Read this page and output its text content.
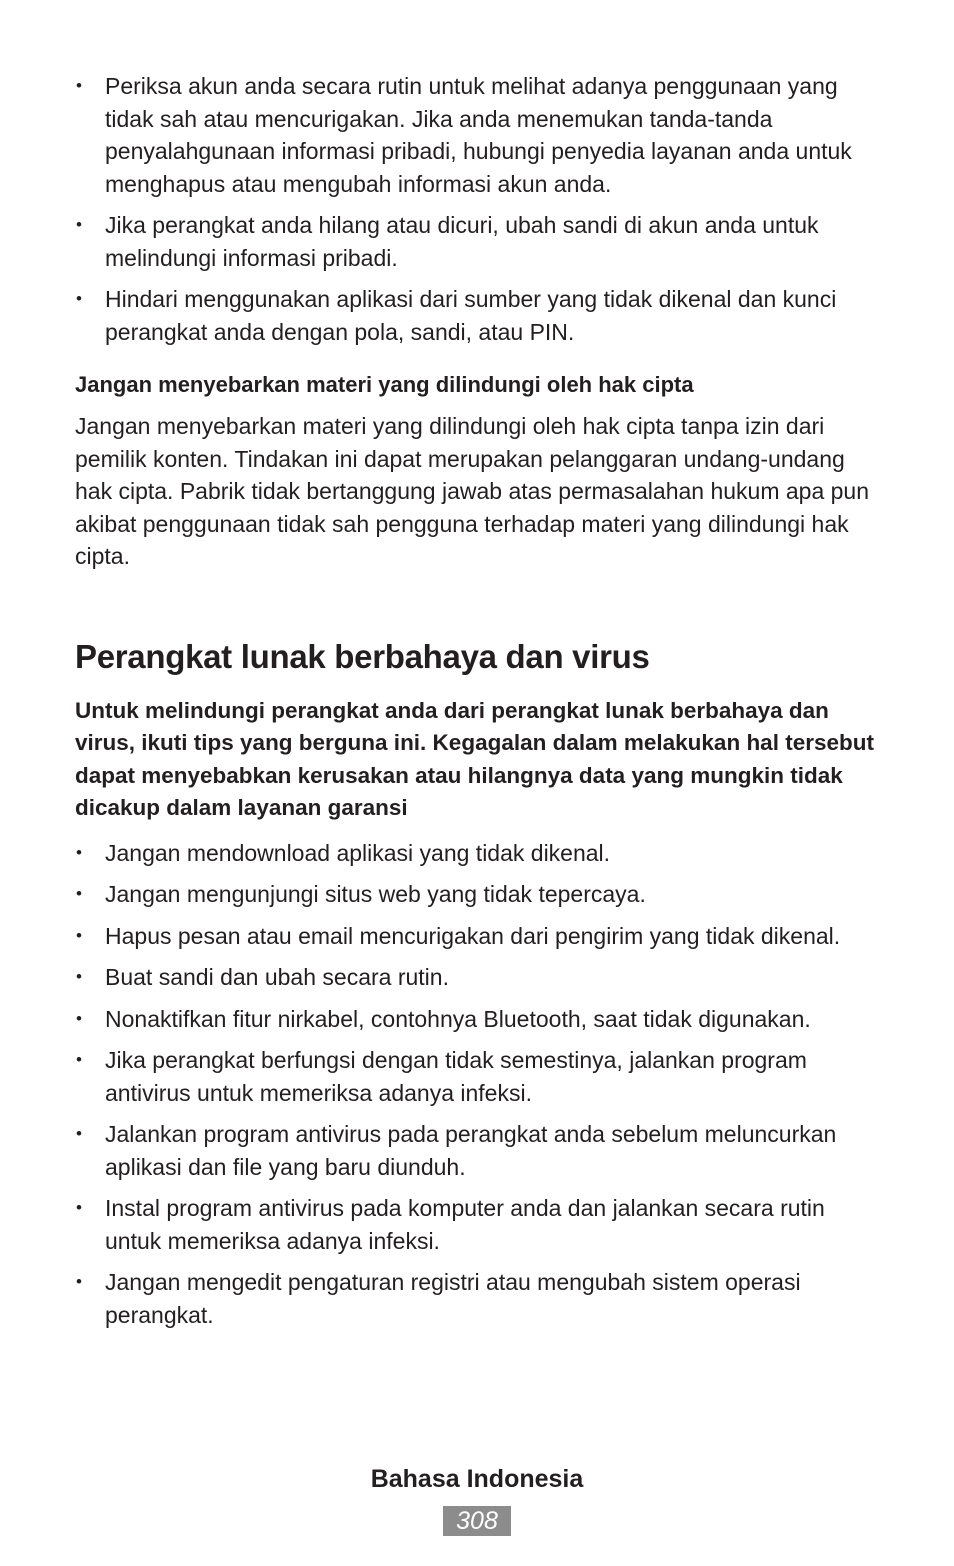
• Periksa akun anda secara rutin untuk melihat adanya penggunaan yang tidak sah atau mencurigakan. Jika anda menemukan tanda-tanda penyalahgunaan informasi pribadi, hubungi penyedia layanan anda untuk menghapus atau mengubah informasi akun anda.
• Jika perangkat anda hilang atau dicuri, ubah sandi di akun anda untuk melindungi informasi pribadi.
• Hindari menggunakan aplikasi dari sumber yang tidak dikenal dan kunci perangkat anda dengan pola, sandi, atau PIN.
Jangan menyebarkan materi yang dilindungi oleh hak cipta

Jangan menyebarkan materi yang dilindungi oleh hak cipta tanpa izin dari pemilik konten. Tindakan ini dapat merupakan pelanggaran undang-undang hak cipta. Pabrik tidak bertanggung jawab atas permasalahan hukum apa pun akibat penggunaan tidak sah pengguna terhadap materi yang dilindungi hak cipta.

Perangkat lunak berbahaya dan virus

Untuk melindungi perangkat anda dari perangkat lunak berbahaya dan virus, ikuti tips yang berguna ini. Kegagalan dalam melakukan hal tersebut dapat menyebabkan kerusakan atau hilangnya data yang mungkin tidak dicakup dalam layanan garansi

• Jangan mendownload aplikasi yang tidak dikenal.
• Jangan mengunjungi situs web yang tidak tepercaya.
• Hapus pesan atau email mencurigakan dari pengirim yang tidak dikenal.
• Buat sandi dan ubah secara rutin.
• Nonaktifkan fitur nirkabel, contohnya Bluetooth, saat tidak digunakan.
• Jika perangkat berfungsi dengan tidak semestinya, jalankan program antivirus untuk memeriksa adanya infeksi.
• Jalankan program antivirus pada perangkat anda sebelum meluncurkan aplikasi dan file yang baru diunduh.
• Instal program antivirus pada komputer anda dan jalankan secara rutin untuk memeriksa adanya infeksi.
• Jangan mengedit pengaturan registri atau mengubah sistem operasi perangkat.
Bahasa Indonesia
308
